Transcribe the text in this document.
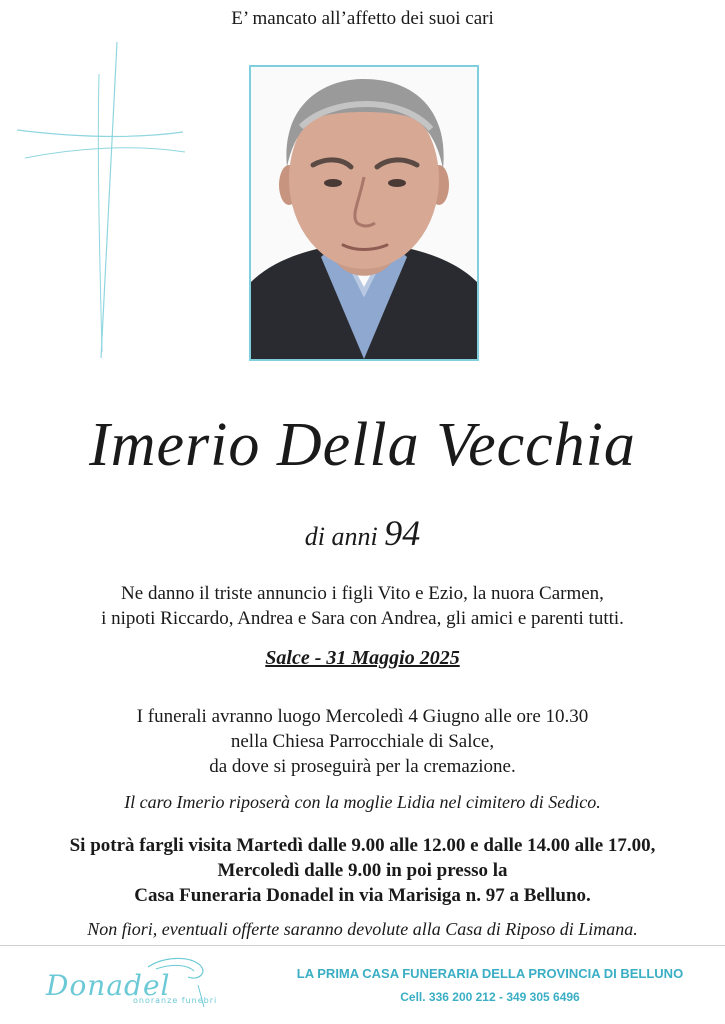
E’ mancato all’affetto dei suoi cari
Imerio Della Vecchia
di anni 94
Ne danno il triste annuncio i figli Vito e Ezio, la nuora Carmen,
i nipoti Riccardo, Andrea e Sara con Andrea, gli amici e parenti tutti.
Salce - 31 Maggio 2025
I funerali avranno luogo Mercoledì 4 Giugno alle ore 10.30
nella Chiesa Parrocchiale di Salce,
da dove si proseguirà per la cremazione.
Il caro Imerio riposerà con la moglie Lidia nel cimitero di Sedico.
Si potrà fargli visita Martedì dalle 9.00 alle 12.00 e dalle 14.00 alle 17.00,
Mercoledì dalle 9.00 in poi presso la
Casa Funeraria Donadel in via Marisiga n. 97 a Belluno.
Non fiori, eventuali offerte saranno devolute alla Casa di Riposo di Limana.
Donadel
onoranze funebri
LA PRIMA CASA FUNERARIA DELLA PROVINCIA DI BELLUNO
Cell. 336 200 212 - 349 305 6496
